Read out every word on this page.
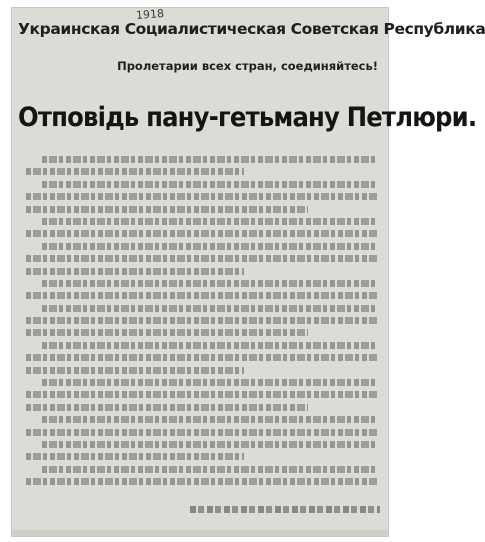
1918
Украинская Социалистическая Советская Республика
Пролетарии всех стран, соединяйтесь!
Отповідь пану-гетьману Петлюри.
